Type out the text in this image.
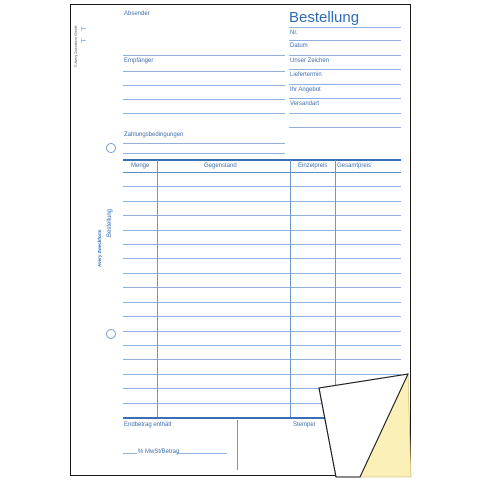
⊢
⊢
© Avery Zweckform GmbH
Bestellung
Avery Zweckform
Absender
Empfänger
Zahlungsbedingungen
Bestellung
Nr.
Datum
Unser Zeichen
Liefertermin
Ihr Angebot
Versandart
Menge	Gegenstand	Einzelpreis Gesamtpreis
Endbetrag enthält
% MwSt/Betrag
Stempel
